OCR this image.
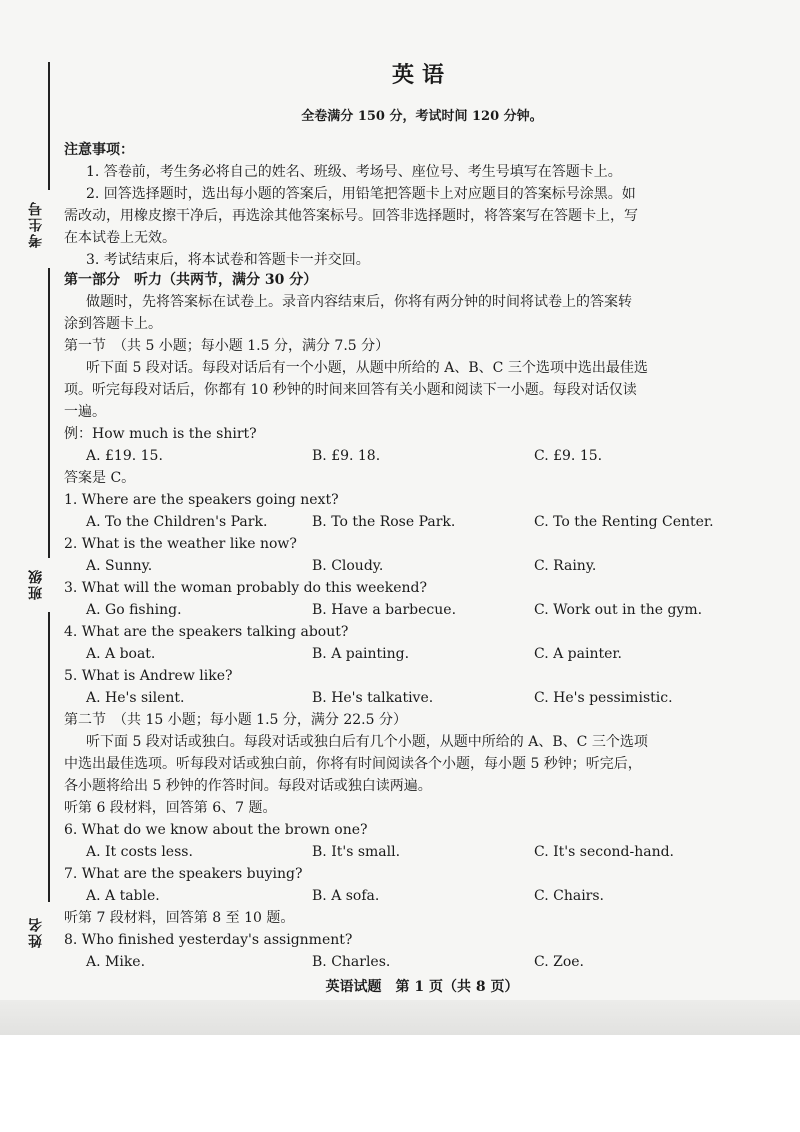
考生号
班级
姓名
英语
全卷满分 150 分，考试时间 120 分钟。
注意事项：
1. 答卷前，考生务必将自己的姓名、班级、考场号、座位号、考生号填写在答题卡上。
2. 回答选择题时，选出每小题的答案后，用铅笔把答题卡上对应题目的答案标号涂黑。如
需改动，用橡皮擦干净后，再选涂其他答案标号。回答非选择题时，将答案写在答题卡上，写
在本试卷上无效。
3. 考试结束后，将本试卷和答题卡一并交回。
第一部分　听力（共两节，满分 30 分）
做题时，先将答案标在试卷上。录音内容结束后，你将有两分钟的时间将试卷上的答案转
涂到答题卡上。
第一节　（共 5 小题；每小题 1.5 分，满分 7.5 分）
听下面 5 段对话。每段对话后有一个小题，从题中所给的 A、B、C 三个选项中选出最佳选
项。听完每段对话后，你都有 10 秒钟的时间来回答有关小题和阅读下一小题。每段对话仅读
一遍。
例：How much is the shirt?
A. £19. 15.	B. £9. 18.	C. £9. 15.
答案是 C。
1. Where are the speakers going next?
A. To the Children's Park.	B. To the Rose Park.	C. To the Renting Center.
2. What is the weather like now?
A. Sunny.	B. Cloudy.	C. Rainy.
3. What will the woman probably do this weekend?
A. Go fishing.	B. Have a barbecue.	C. Work out in the gym.
4. What are the speakers talking about?
A. A boat.	B. A painting.	C. A painter.
5. What is Andrew like?
A. He's silent.	B. He's talkative.	C. He's pessimistic.
第二节　（共 15 小题；每小题 1.5 分，满分 22.5 分）
听下面 5 段对话或独白。每段对话或独白后有几个小题，从题中所给的 A、B、C 三个选项
中选出最佳选项。听每段对话或独白前，你将有时间阅读各个小题，每小题 5 秒钟；听完后，
各小题将给出 5 秒钟的作答时间。每段对话或独白读两遍。
听第 6 段材料，回答第 6、7 题。
6. What do we know about the brown one?
A. It costs less.	B. It's small.	C. It's second-hand.
7. What are the speakers buying?
A. A table.	B. A sofa.	C. Chairs.
听第 7 段材料，回答第 8 至 10 题。
8. Who finished yesterday's assignment?
A. Mike.	B. Charles.	C. Zoe.
英语试题　第 1 页（共 8 页）
